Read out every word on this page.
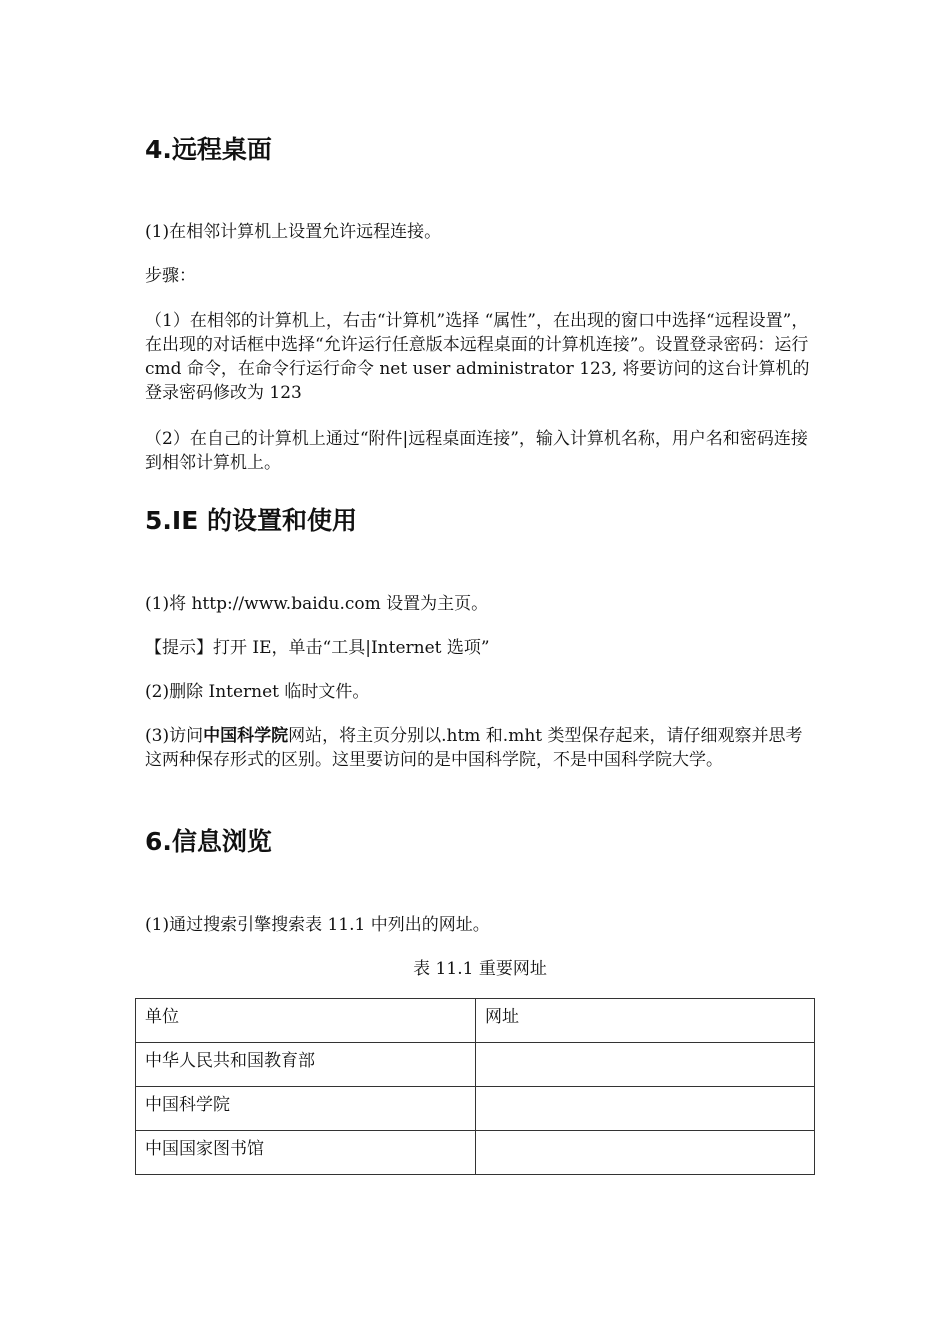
4.远程桌面

(1)在相邻计算机上设置允许远程连接。

步骤：

（1）在相邻的计算机上，右击“计算机”选择 “属性”，在出现的窗口中选择“远程设置”，在出现的对话框中选择“允许运行任意版本远程桌面的计算机连接”。设置登录密码：运行 cmd 命令，在命令行运行命令 net user administrator 123, 将要访问的这台计算机的登录密码修改为 123

（2）在自己的计算机上通过“附件|远程桌面连接”，输入计算机名称，用户名和密码连接到相邻计算机上。

5.IE 的设置和使用

(1)将 http://www.baidu.com 设置为主页。

【提示】打开 IE，单击“工具|Internet 选项”

(2)删除 Internet 临时文件。

(3)访问中国科学院网站，将主页分别以.htm 和.mht 类型保存起来，请仔细观察并思考这两种保存形式的区别。这里要访问的是中国科学院，不是中国科学院大学。

6.信息浏览

(1)通过搜索引擎搜索表 11.1 中列出的网址。

表 11.1 重要网址
单位	网址
中华人民共和国教育部	
中国科学院	
中国国家图书馆	
